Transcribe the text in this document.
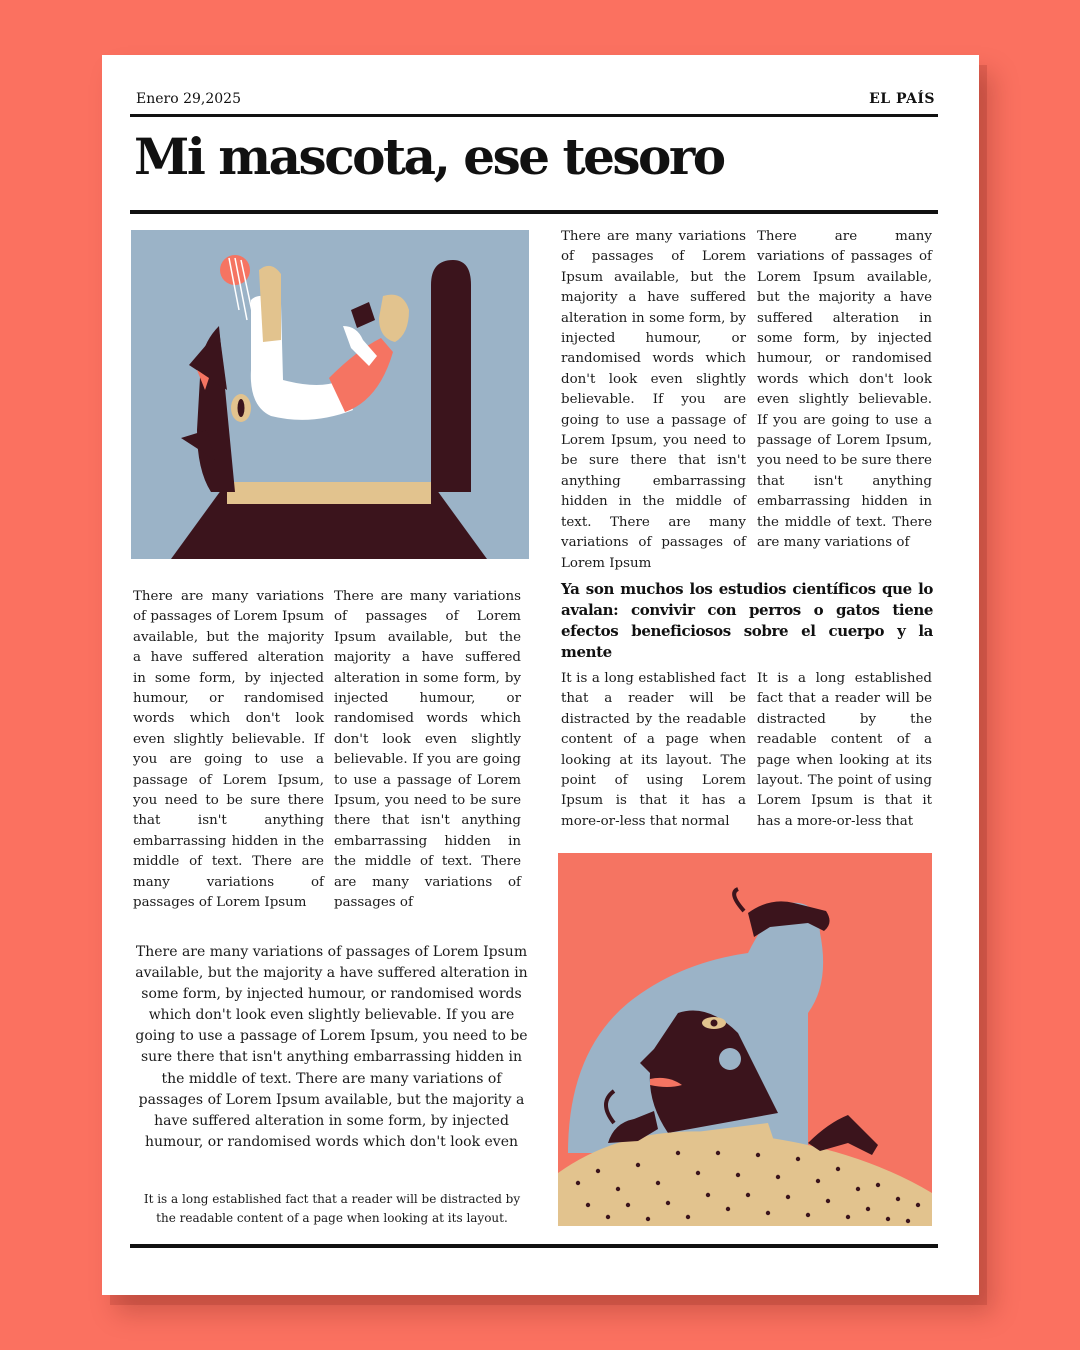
Enero 29,2025	EL PAÍS
Mi mascota, ese tesoro
There are many variations of passages of Lorem Ipsum available, but the majority a have suffered alteration in some form, by injected humour, or randomised words which don't look even slightly believable. If you are going to use a passage of Lorem Ipsum, you need to be sure there that isn't anything embarrassing hidden in the middle of text. There are many variations of passages of Lorem Ipsum
There are many variations of passages of Lorem Ipsum available, but the majority a have suffered alteration in some form, by injected humour, or randomised words which don't look even slightly believable. If you are going to use a passage of Lorem Ipsum, you need to be sure there that isn't anything embarrassing hidden in the middle of text. There are many variations of
Ya son muchos los estudios científicos que lo avalan: convivir con perros o gatos tiene efectos beneficiosos sobre el cuerpo y la mente
There are many variations of passages of Lorem Ipsum available, but the majority a have suffered alteration in some form, by injected humour, or randomised words which don't look even slightly believable. If you are going to use a passage of Lorem Ipsum, you need to be sure there that isn't anything embarrassing hidden in the middle of text. There are many variations of passages of Lorem Ipsum
There are many variations of passages of Lorem Ipsum available, but the majority a have suffered alteration in some form, by injected humour, or randomised words which don't look even slightly believable. If you are going to use a passage of Lorem Ipsum, you need to be sure there that isn't anything embarrassing hidden in the middle of text. There are many variations of passages of
It is a long established fact that a reader will be distracted by the readable content of a page when looking at its layout. The point of using Lorem Ipsum is that it has a more-or-less that normal
It is a long established fact that a reader will be distracted by the readable content of a page when looking at its layout. The point of using Lorem Ipsum is that it has a more-or-less that
There are many variations of passages of Lorem Ipsum available, but the majority a have suffered alteration in some form, by injected humour, or randomised words which don't look even slightly believable. If you are going to use a passage of Lorem Ipsum, you need to be sure there that isn't anything embarrassing hidden in the middle of text. There are many variations of passages of Lorem Ipsum available, but the majority a have suffered alteration in some form, by injected humour, or randomised words which don't look even
It is a long established fact that a reader will be distracted by the readable content of a page when looking at its layout.
